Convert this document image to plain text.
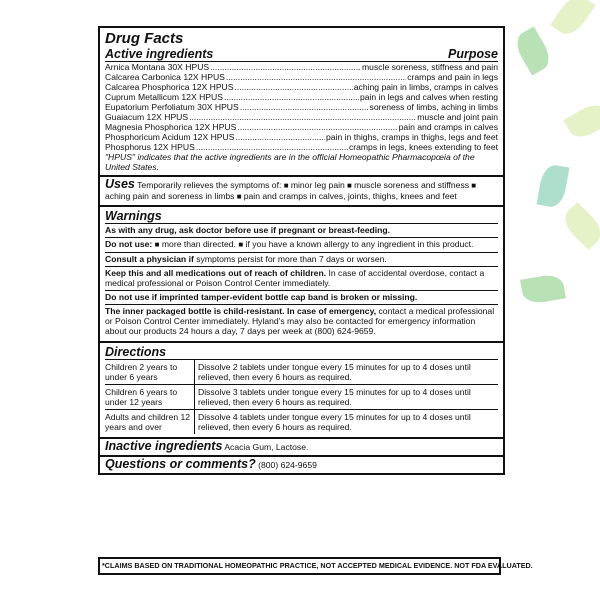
Drug Facts
Active ingredients	Purpose
Arnica Montana 30X HPUS .....	muscle soreness, stiffness and pain
Calcarea Carbonica 12X HPUS .....	cramps and pain in legs
Calcarea Phosphorica 12X HPUS .....	aching pain in limbs, cramps in calves
Cuprum Metallicum 12X HPUS .....	pain in legs and calves when resting
Eupatorium Perfoliatum 30X HPUS .....	soreness of limbs, aching in limbs
Guaiacum 12X HPUS .....	muscle and joint pain
Magnesia Phosphorica 12X HPUS .....	pain and cramps in calves
Phosphoricum Acidum 12X HPUS .....	pain in thighs, cramps in thighs, legs and feet
Phosphorus 12X HPUS .....	cramps in legs, knees extending to feet
"HPUS" indicates that the active ingredients are in the official Homeopathic Pharmacopœia of the United States.
Uses Temporarily relieves the symptoms of: ■ minor leg pain ■ muscle soreness and stiffness ■ aching pain and soreness in limbs ■ pain and cramps in calves, joints, thighs, knees and feet
Warnings
As with any drug, ask doctor before use if pregnant or breast-feeding.
Do not use: ■ more than directed. ■ if you have a known allergy to any ingredient in this product.
Consult a physician if symptoms persist for more than 7 days or worsen.
Keep this and all medications out of reach of children. In case of accidental overdose, contact a medical professional or Poison Control Center immediately.
Do not use if imprinted tamper-evident bottle cap band is broken or missing.
The inner packaged bottle is child-resistant. In case of emergency, contact a medical professional or Poison Control Center immediately. Hyland's may also be contacted for emergency information about our products 24 hours a day, 7 days per week at (800) 624-9659.
Directions
Children 2 years to under 6 years	Dissolve 2 tablets under tongue every 15 minutes for up to 4 doses until relieved, then every 6 hours as required.
Children 6 years to under 12 years	Dissolve 3 tablets under tongue every 15 minutes for up to 4 doses until relieved, then every 6 hours as required.
Adults and children 12 years and over	Dissolve 4 tablets under tongue every 15 minutes for up to 4 doses until relieved, then every 6 hours as required.
Inactive ingredients Acacia Gum, Lactose.
Questions or comments? (800) 624-9659
*CLAIMS BASED ON TRADITIONAL HOMEOPATHIC PRACTICE, NOT ACCEPTED MEDICAL EVIDENCE. NOT FDA EVALUATED.
